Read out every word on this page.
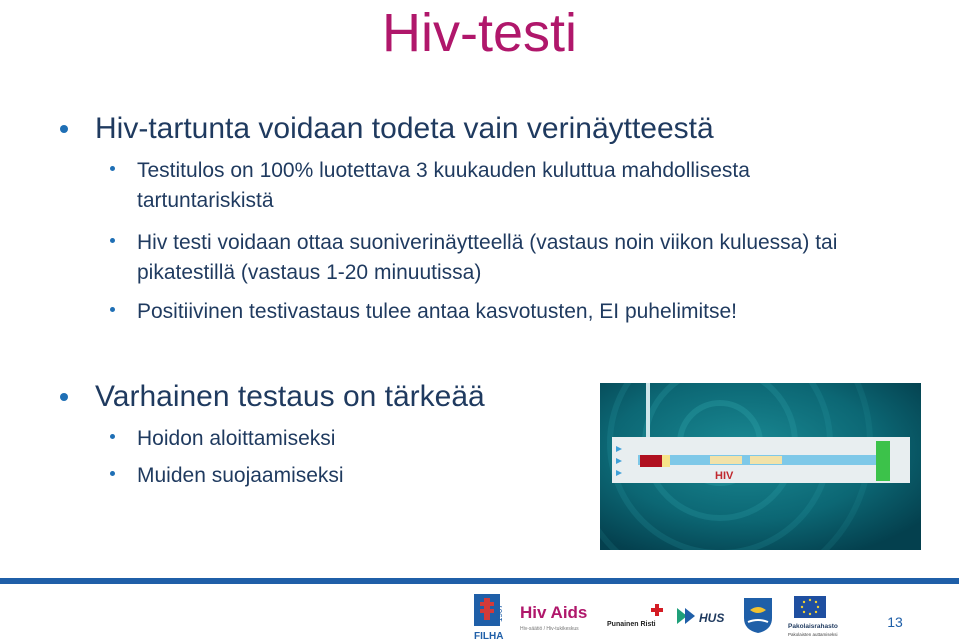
Hiv-testi
Hiv-tartunta voidaan todeta vain verinäytteestä
Testitulos on 100% luotettava 3 kuukauden kuluttua mahdollisesta tartuntariskistä
Hiv testi voidaan ottaa suoniverinäytteellä (vastaus noin viikon kuluessa) tai pikatestillä (vastaus 1-20 minuutissa)
Positiivinen testivastaus tulee antaa kasvotusten, EI puhelimitse!
Varhainen testaus on tärkeää
Hoidon aloittamiseksi
Muiden suojaamiseksi	HIV
1907
FILHA
Hiv Aids
Hiv-säätiö / Hiv-tukikeskus
Punainen Risti	HUS
Pakolaisrahasto
Pakolaisten auttamiseksi
13
